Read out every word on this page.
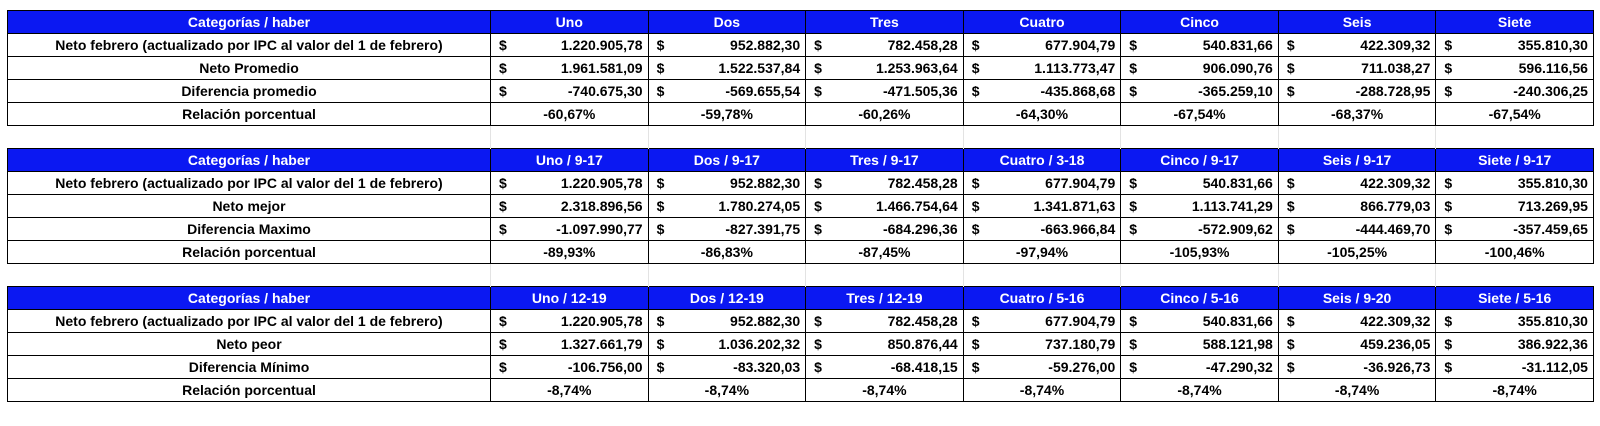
Categorías / haber	Uno	Dos	Tres	Cuatro	Cinco	Seis	Siete
Neto febrero (actualizado por IPC al valor del 1 de febrero)	$ 1.220.905,78	$ 952.882,30	$ 782.458,28	$ 677.904,79	$ 540.831,66	$ 422.309,32	$ 355.810,30

Neto Promedio	$ 1.961.581,09	$ 1.522.537,84	$ 1.253.963,64	$ 1.113.773,47	$ 906.090,76	$ 711.038,27	$ 596.116,56

Diferencia promedio	$ -740.675,30	$ -569.655,54	$ -471.505,36	$ -435.868,68	$ -365.259,10	$ -288.728,95	$ -240.306,25

Relación porcentual	-60,67%	-59,78%	-60,26%	-64,30%	-67,54%	-68,37%	-67,54%

Categorías / haber	Uno / 9-17	Dos / 9-17	Tres / 9-17	Cuatro / 3-18	Cinco / 9-17	Seis / 9-17	Siete / 9-17
Neto febrero (actualizado por IPC al valor del 1 de febrero)	$ 1.220.905,78	$ 952.882,30	$ 782.458,28	$ 677.904,79	$ 540.831,66	$ 422.309,32	$ 355.810,30

Neto mejor	$ 2.318.896,56	$ 1.780.274,05	$ 1.466.754,64	$ 1.341.871,63	$ 1.113.741,29	$ 866.779,03	$ 713.269,95

Diferencia Maximo	$ -1.097.990,77	$ -827.391,75	$ -684.296,36	$ -663.966,84	$ -572.909,62	$ -444.469,70	$ -357.459,65

Relación porcentual	-89,93%	-86,83%	-87,45%	-97,94%	-105,93%	-105,25%	-100,46%

Categorías / haber	Uno / 12-19	Dos / 12-19	Tres / 12-19	Cuatro / 5-16	Cinco / 5-16	Seis / 9-20	Siete / 5-16
Neto febrero (actualizado por IPC al valor del 1 de febrero)	$ 1.220.905,78	$ 952.882,30	$ 782.458,28	$ 677.904,79	$ 540.831,66	$ 422.309,32	$ 355.810,30

Neto peor	$ 1.327.661,79	$ 1.036.202,32	$ 850.876,44	$ 737.180,79	$ 588.121,98	$ 459.236,05	$ 386.922,36

Diferencia Mínimo	$ -106.756,00	$ -83.320,03	$ -68.418,15	$ -59.276,00	$ -47.290,32	$ -36.926,73	$ -31.112,05

Relación porcentual	-8,74%	-8,74%	-8,74%	-8,74%	-8,74%	-8,74%	-8,74%
